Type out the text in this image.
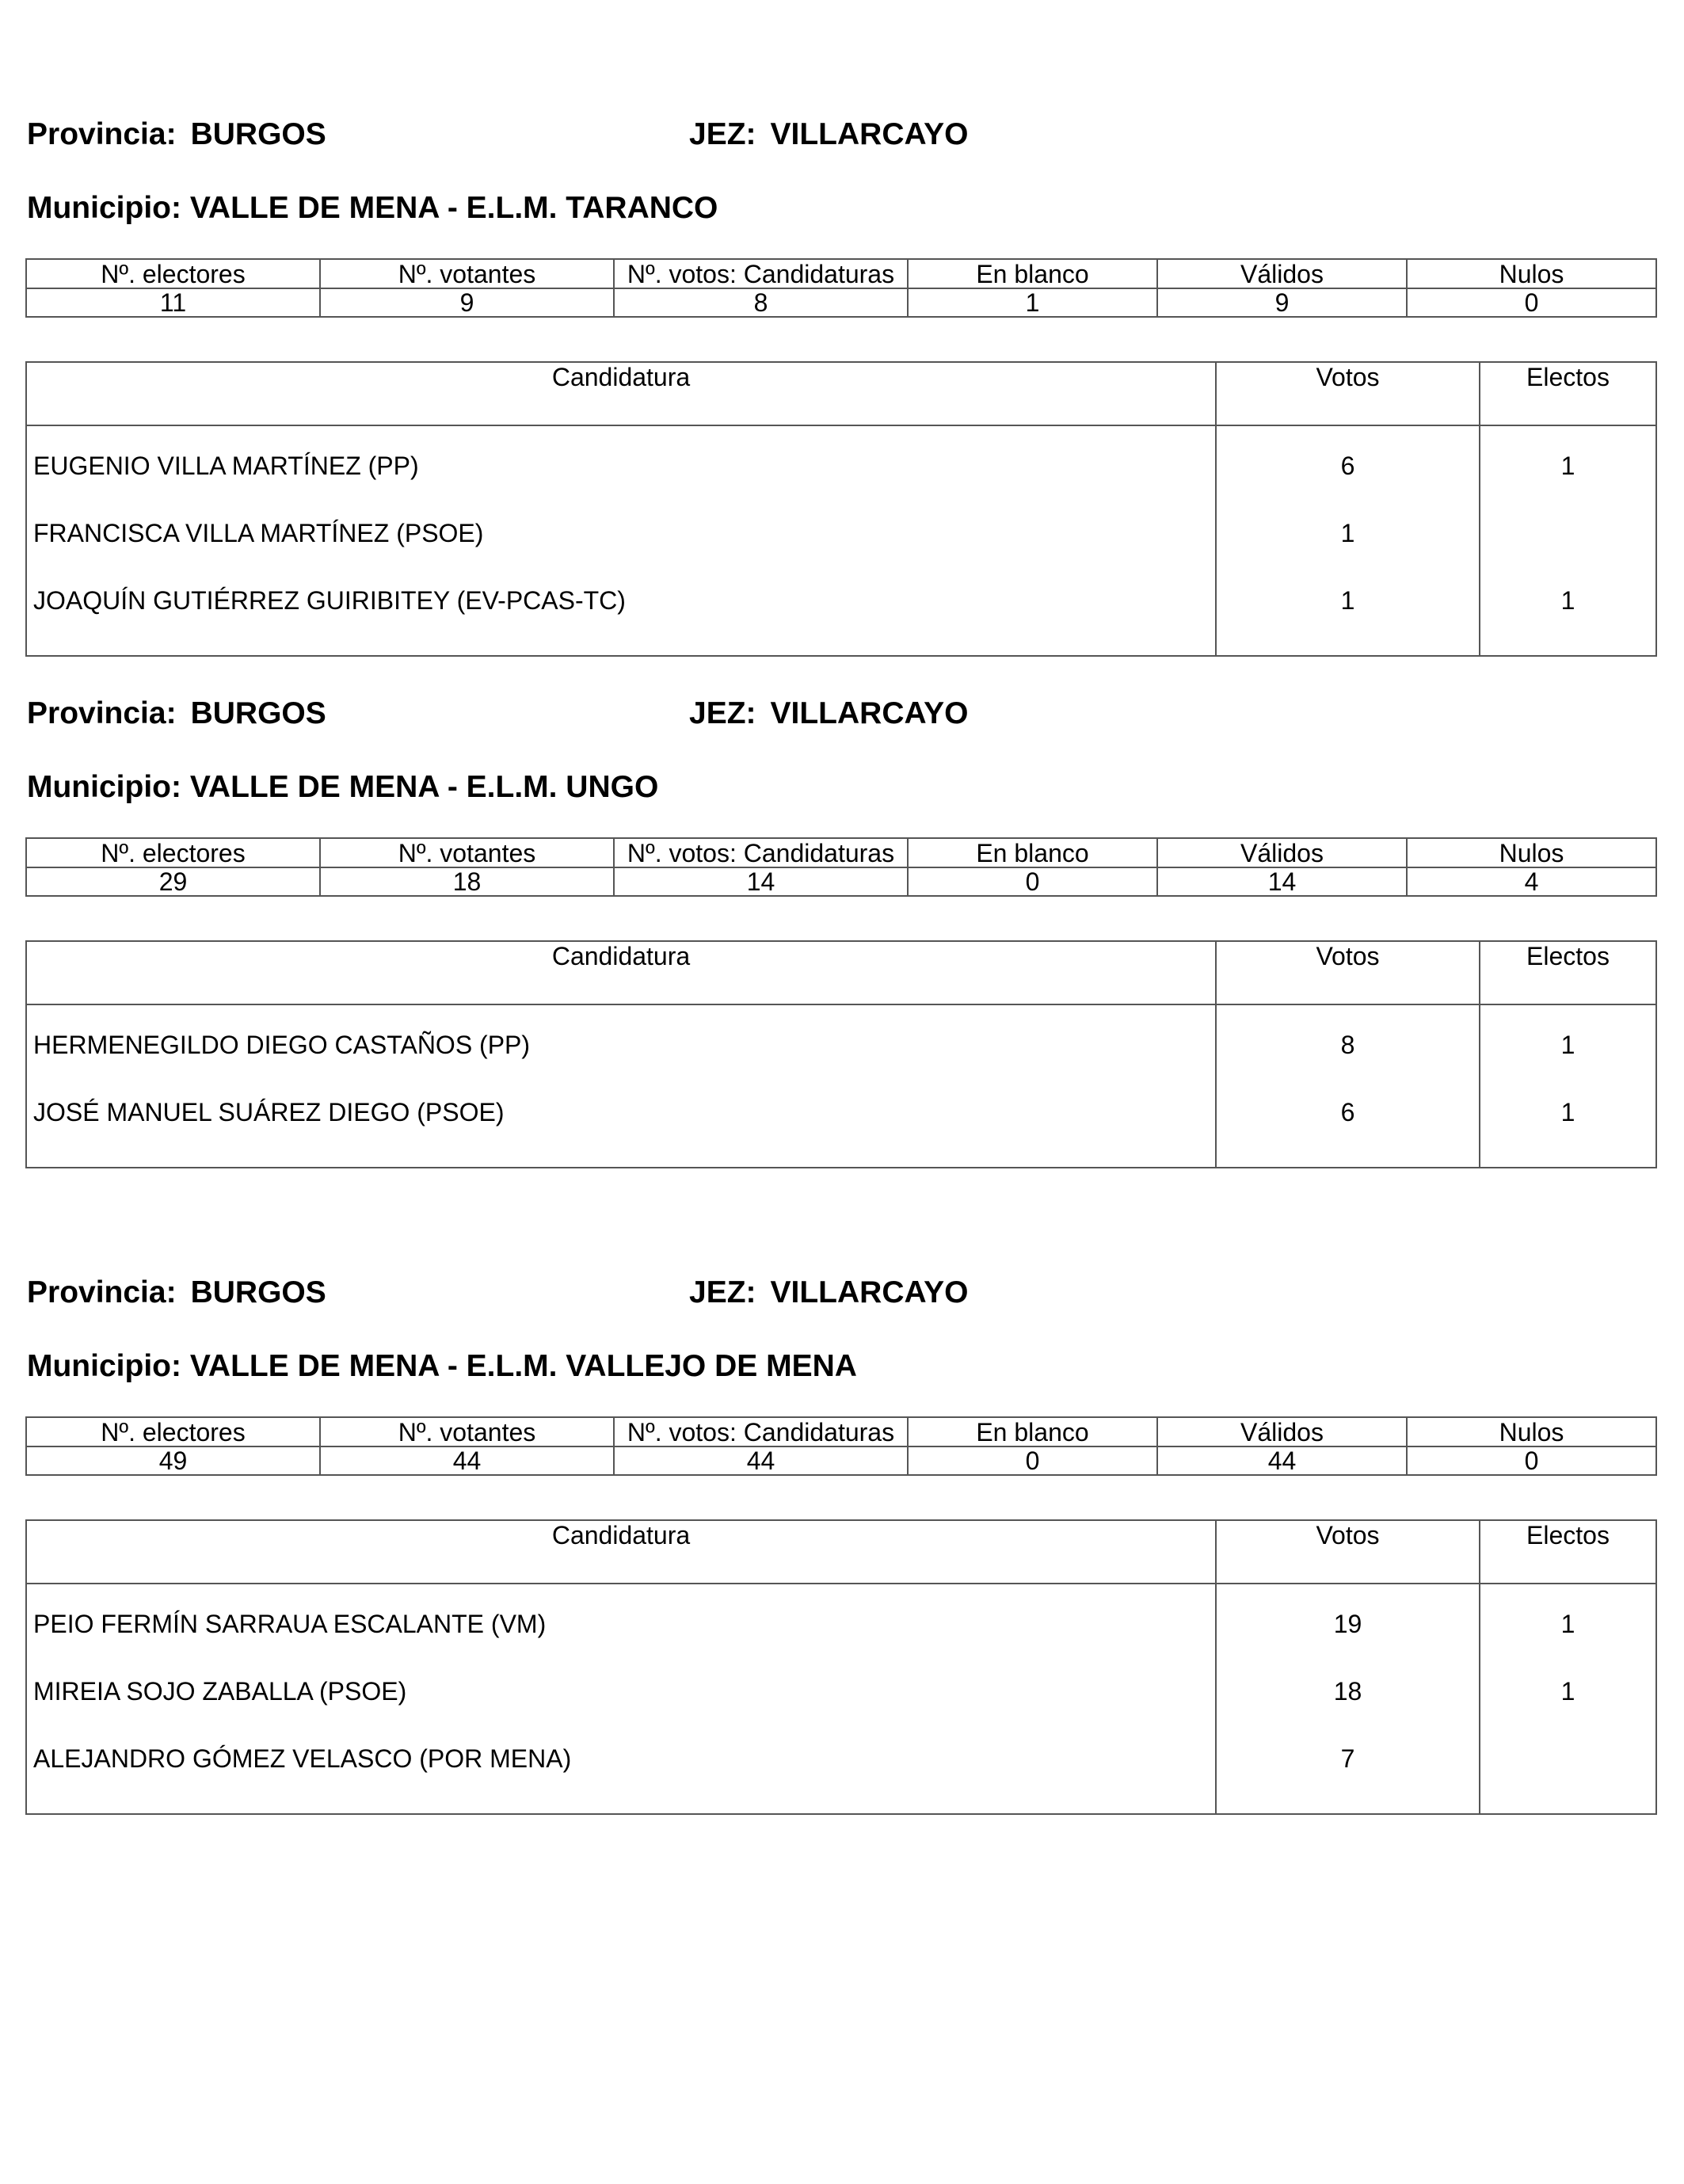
Provincia: BURGOS	JEZ: VILLARCAYO
Municipio: VALLE DE MENA - E.L.M. TARANCO
Nº. electores	Nº. votantes	Nº. votos: Candidaturas	En blanco	Válidos	Nulos
11	9	8	1	9	0
Candidatura	Votos	Electos

EUGENIO VILLA MARTÍNEZ (PP)	6	1
FRANCISCA VILLA MARTÍNEZ (PSOE)	1	
JOAQUÍN GUTIÉRREZ GUIRIBITEY (EV-PCAS-TC)	1	1
Provincia: BURGOS	JEZ: VILLARCAYO
Municipio: VALLE DE MENA - E.L.M. UNGO
Nº. electores	Nº. votantes	Nº. votos: Candidaturas	En blanco	Válidos	Nulos
29	18	14	0	14	4
Candidatura	Votos	Electos

HERMENEGILDO DIEGO CASTAÑOS (PP)	8	1
JOSÉ MANUEL SUÁREZ DIEGO (PSOE)	6	1
Provincia: BURGOS	JEZ: VILLARCAYO
Municipio: VALLE DE MENA - E.L.M. VALLEJO DE MENA
Nº. electores	Nº. votantes	Nº. votos: Candidaturas	En blanco	Válidos	Nulos
49	44	44	0	44	0
Candidatura	Votos	Electos

PEIO FERMÍN SARRAUA ESCALANTE (VM)	19	1
MIREIA SOJO ZABALLA (PSOE)	18	1
ALEJANDRO GÓMEZ VELASCO (POR MENA)	7	
